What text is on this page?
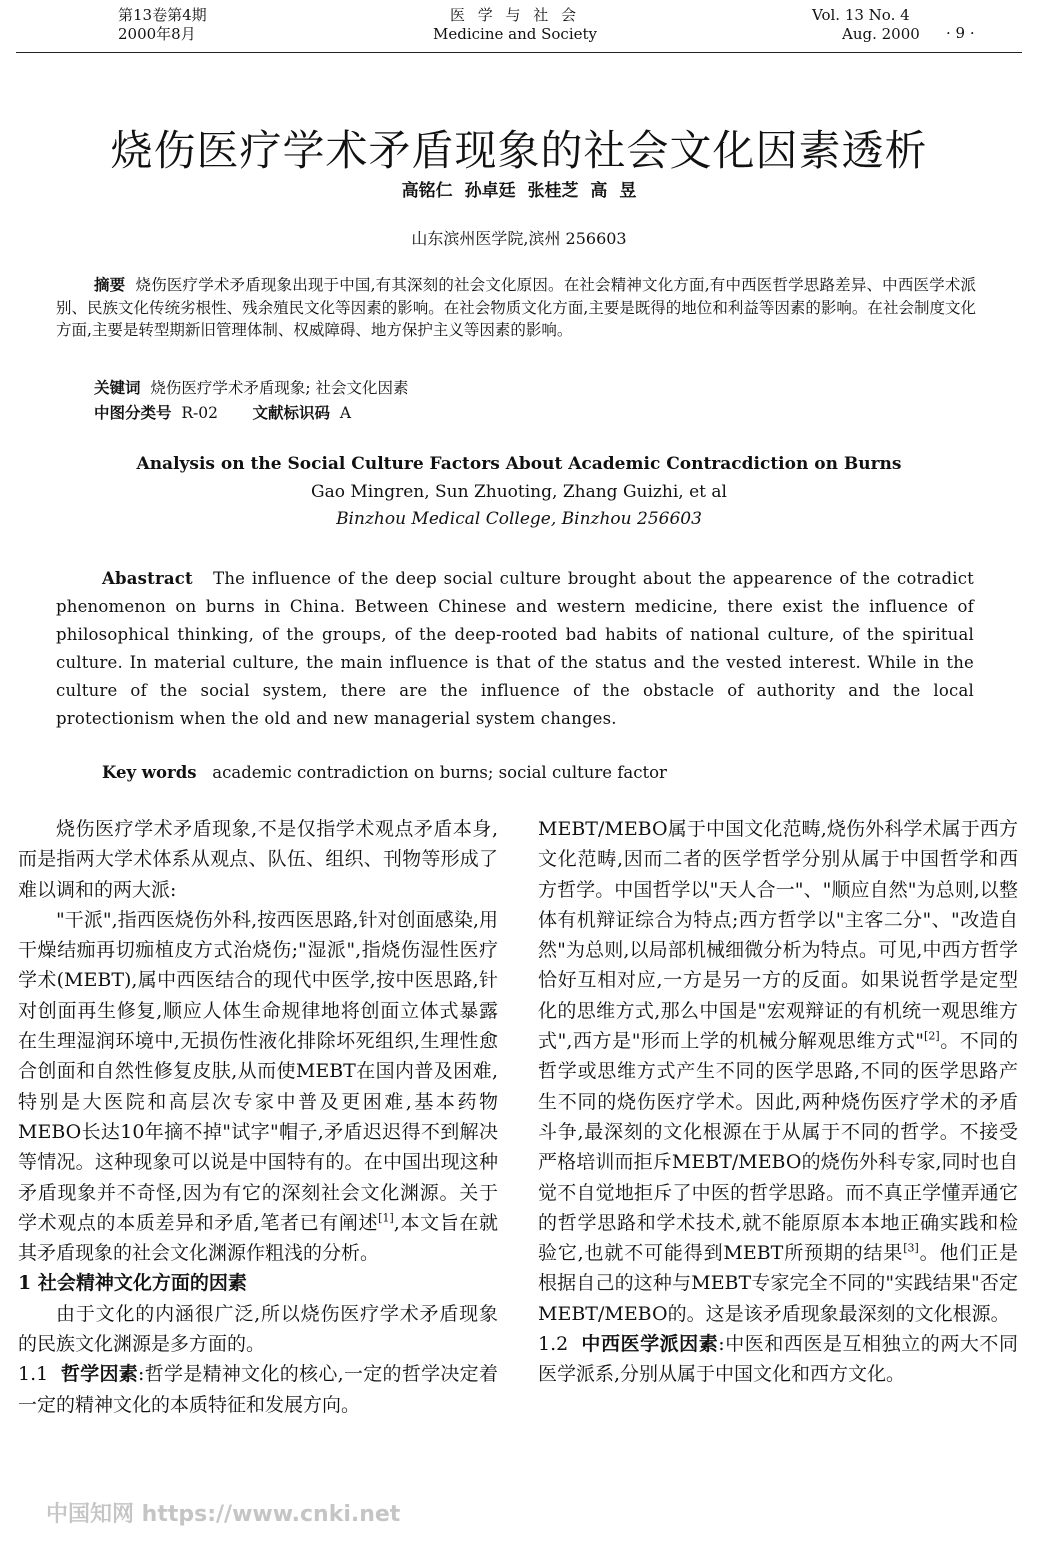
第13卷第4期
2000年8月
医 学 与 社 会
Medicine and Society
Vol. 13 No. 4
Aug. 2000 · 9 ·
烧伤医疗学术矛盾现象的社会文化因素透析
高铭仁 孙卓廷 张桂芝 高 昱
山东滨州医学院,滨州 256603
摘要 烧伤医疗学术矛盾现象出现于中国,有其深刻的社会文化原因。在社会精神文化方面,有中西医哲学思路差异、中西医学术派别、民族文化传统劣根性、残余殖民文化等因素的影响。在社会物质文化方面,主要是既得的地位和利益等因素的影响。在社会制度文化方面,主要是转型期新旧管理体制、权威障碍、地方保护主义等因素的影响。
关键词 烧伤医疗学术矛盾现象; 社会文化因素
中图分类号 R-02 文献标识码 A
Analysis on the Social Culture Factors About Academic Contracdiction on Burns
Gao Mingren, Sun Zhuoting, Zhang Guizhi, et al
Binzhou Medical College, Binzhou 256603
Abastract The influence of the deep social culture brought about the appearence of the cotradict phenomenon on burns in China. Between Chinese and western medicine, there exist the influence of philosophical thinking, of the groups, of the deep-rooted bad habits of national culture, of the spiritual culture. In material culture, the main influence is that of the status and the vested interest. While in the culture of the social system, there are the influence of the obstacle of authority and the local protectionism when the old and new managerial system changes.
Key words academic contradiction on burns; social culture factor

烧伤医疗学术矛盾现象,不是仅指学术观点矛盾本身,而是指两大学术体系从观点、队伍、组织、刊物等形成了难以调和的两大派:

"干派",指西医烧伤外科,按西医思路,针对创面感染,用干燥结痂再切痂植皮方式治烧伤;"湿派",指烧伤湿性医疗学术(MEBT),属中西医结合的现代中医学,按中医思路,针对创面再生修复,顺应人体生命规律地将创面立体式暴露在生理湿润环境中,无损伤性液化排除坏死组织,生理性愈合创面和自然性修复皮肤,从而使MEBT在国内普及困难,特别是大医院和高层次专家中普及更困难,基本药物MEBO长达10年摘不掉"试字"帽子,矛盾迟迟得不到解决等情况。这种现象可以说是中国特有的。在中国出现这种矛盾现象并不奇怪,因为有它的深刻社会文化渊源。关于学术观点的本质差异和矛盾,笔者已有阐述[1],本文旨在就其矛盾现象的社会文化渊源作粗浅的分析。

1 社会精神文化方面的因素

由于文化的内涵很广泛,所以烧伤医疗学术矛盾现象的民族文化渊源是多方面的。

1.1 哲学因素:哲学是精神文化的核心,一定的哲学决定着一定的精神文化的本质特征和发展方向。

MEBT/MEBO属于中国文化范畴,烧伤外科学术属于西方文化范畴,因而二者的医学哲学分别从属于中国哲学和西方哲学。中国哲学以"天人合一"、"顺应自然"为总则,以整体有机辩证综合为特点;西方哲学以"主客二分"、"改造自然"为总则,以局部机械细微分析为特点。可见,中西方哲学恰好互相对应,一方是另一方的反面。如果说哲学是定型化的思维方式,那么中国是"宏观辩证的有机统一观思维方式",西方是"形而上学的机械分解观思维方式"[2]。不同的哲学或思维方式产生不同的医学思路,不同的医学思路产生不同的烧伤医疗学术。因此,两种烧伤医疗学术的矛盾斗争,最深刻的文化根源在于从属于不同的哲学。不接受严格培训而拒斥MEBT/MEBO的烧伤外科专家,同时也自觉不自觉地拒斥了中医的哲学思路。而不真正学懂弄通它的哲学思路和学术技术,就不能原原本本地正确实践和检验它,也就不可能得到MEBT所预期的结果[3]。他们正是根据自己的这种与MEBT专家完全不同的"实践结果"否定MEBT/MEBO的。这是该矛盾现象最深刻的文化根源。

1.2 中西医学派因素:中医和西医是互相独立的两大不同医学派系,分别从属于中国文化和西方文化。

中国知网 https://www.cnki.net
